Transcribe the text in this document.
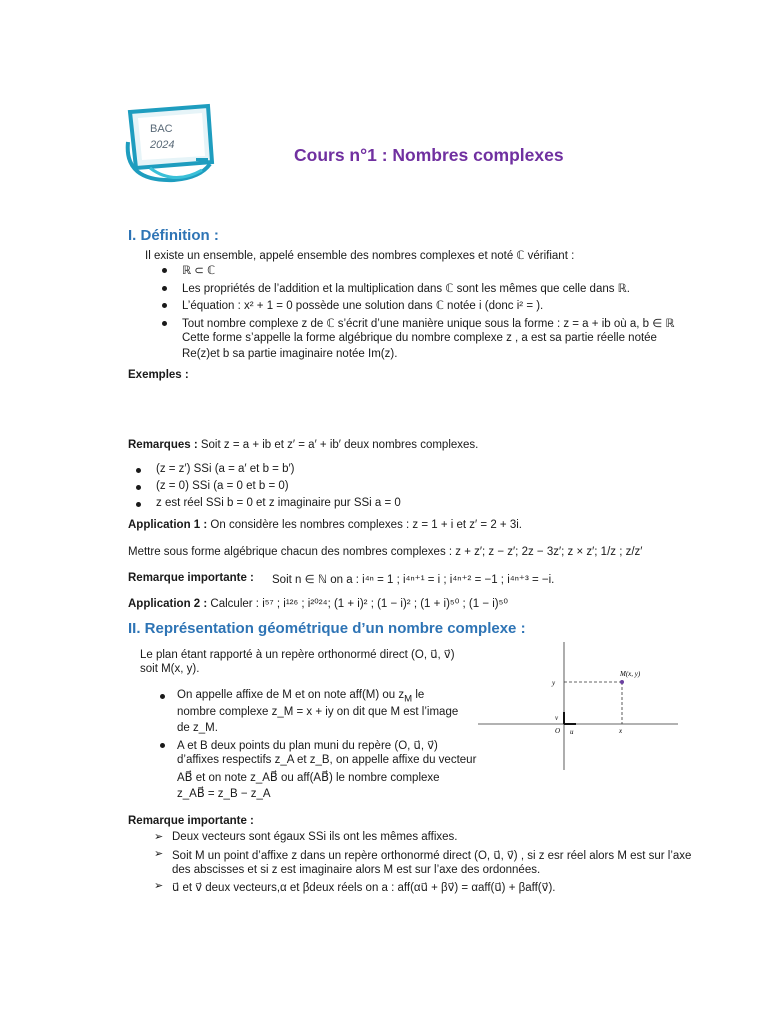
BAC
2024	Cours n°1 : Nombres complexes
I. Définition :
Il existe un ensemble, appelé ensemble des nombres complexes et noté ℂ vérifiant :
ℝ ⊂ ℂ
Les propriétés de l’addition et la multiplication dans ℂ sont les mêmes que celle dans ℝ.
L’équation : x² + 1 = 0 possède une solution dans ℂ notée i (donc i² = ).
Tout nombre complexe z de ℂ s’écrit d’une manière unique sous la forme : z = a + ib où a, b ∈ ℝ
Cette forme s’appelle la forme algébrique du nombre complexe z , a est sa partie réelle notée
Re(z)et b sa partie imaginaire notée Im(z).
Exemples :
Remarques : Soit z = a + ib et z′ = a′ + ib′ deux nombres complexes.
(z = z′) SSi (a = a′ et b = b′)
(z = 0) SSi (a = 0 et b = 0)
z est réel SSi b = 0 et z imaginaire pur SSi a = 0
Application 1 : On considère les nombres complexes : z = 1 + i et z′ = 2 + 3i.
Mettre sous forme algébrique chacun des nombres complexes : z + z′; z − z′; 2z − 3z′; z × z′; 1/z ; z/z′
Remarque importante : Soit n ∈ ℕ on a : i⁴ⁿ = 1 ; i⁴ⁿ⁺¹ = i ; i⁴ⁿ⁺² = −1 ; i⁴ⁿ⁺³ = −i.
Application 2 : Calculer : i⁵⁷ ; i¹²⁶ ; i²⁰²⁴; (1 + i)² ; (1 − i)² ; (1 + i)⁵⁰ ; (1 − i)⁵⁰
II. Représentation géométrique d’un nombre complexe :
Le plan étant rapporté à un repère orthonormé direct (O, u⃗, v⃗)
soit M(x, y).
On appelle affixe de M et on note aff(M) ou $z_M$ le
nombre complexe z_M = x + iy on dit que M est l’image
de z_M.
A et B deux points du plan muni du repère (O, u⃗, v⃗)
d’affixes respectifs z_A et z_B, on appelle affixe du vecteur
AB⃗ et on note z_AB⃗ ou aff(AB⃗) le nombre complexe
z_AB⃗ = z_B − z_A
M(x, y)
y
x
O u⃗
v⃗
Remarque importante :
➢ Deux vecteurs sont égaux SSi ils ont les mêmes affixes.
➢ Soit M un point d’affixe z dans un repère orthonormé direct (O, u⃗, v⃗) , si z esr réel alors M est sur l’axe
des abscisses et si z est imaginaire alors M est sur l’axe des ordonnées.
➢ u⃗ et v⃗ deux vecteurs,α et βdeux réels on a : aff(αu⃗ + βv⃗) = αaff(u⃗) + βaff(v⃗).
